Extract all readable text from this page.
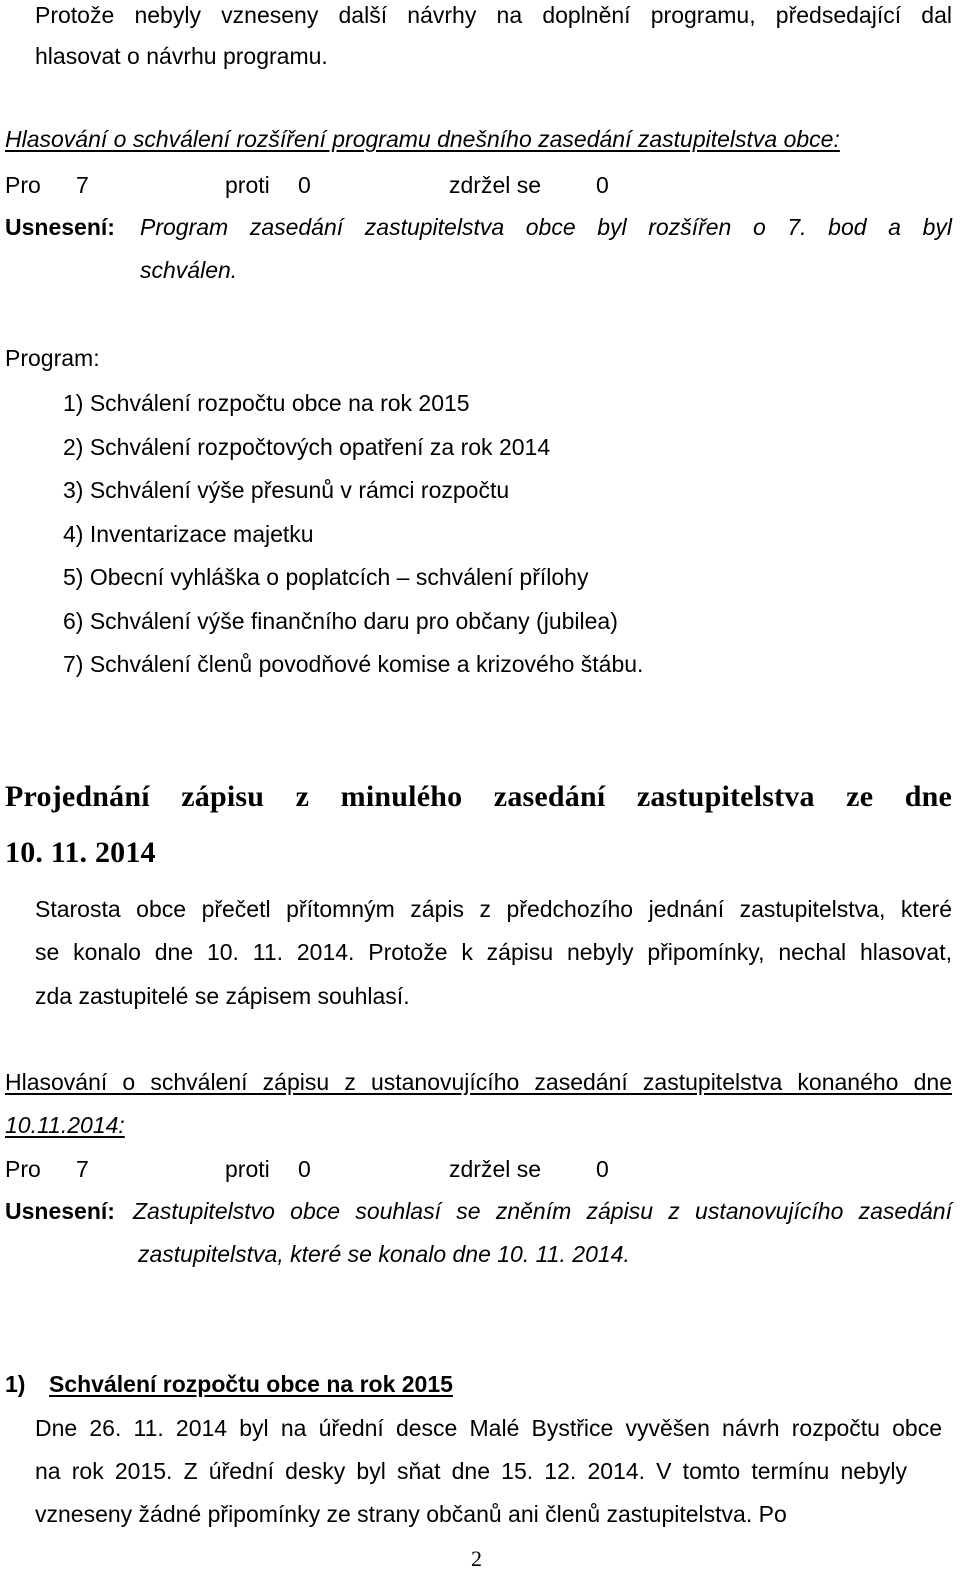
Protože nebyly vzneseny další návrhy na doplnění programu, předsedající dal
hlasovat o návrhu programu.
Hlasování o schválení rozšíření programu dnešního zasedání zastupitelstva obce:
Pro 7	proti 0	zdržel se 0
Usnesení: Program zasedání zastupitelstva obce byl rozšířen o 7. bod a byl
schválen.
Program:
1) Schválení rozpočtu obce na rok 2015
2) Schválení rozpočtových opatření za rok 2014
3) Schválení výše přesunů v rámci rozpočtu
4) Inventarizace majetku
5) Obecní vyhláška o poplatcích – schválení přílohy
6) Schválení výše finančního daru pro občany (jubilea)
7) Schválení členů povodňové komise a krizového štábu.
Projednání zápisu z minulého zasedání zastupitelstva ze dne
10. 11. 2014
Starosta obce přečetl přítomným zápis z předchozího jednání zastupitelstva, které
se konalo dne 10. 11. 2014. Protože k zápisu nebyly připomínky, nechal hlasovat,
zda zastupitelé se zápisem souhlasí.
Hlasování o schválení zápisu z ustanovujícího zasedání zastupitelstva konaného dne
10.11.2014:
Pro 7	proti 0	zdržel se 0
Usnesení: Zastupitelstvo obce souhlasí se zněním zápisu z ustanovujícího zasedání
zastupitelstva, které se konalo dne 10. 11. 2014.
1) Schválení rozpočtu obce na rok 2015
Dne 26. 11. 2014 byl na úřední desce Malé Bystřice vyvěšen návrh rozpočtu obce
na rok 2015. Z úřední desky byl sňat dne 15. 12. 2014. V tomto termínu nebyly
vzneseny žádné připomínky ze strany občanů ani členů zastupitelstva. Po
2
